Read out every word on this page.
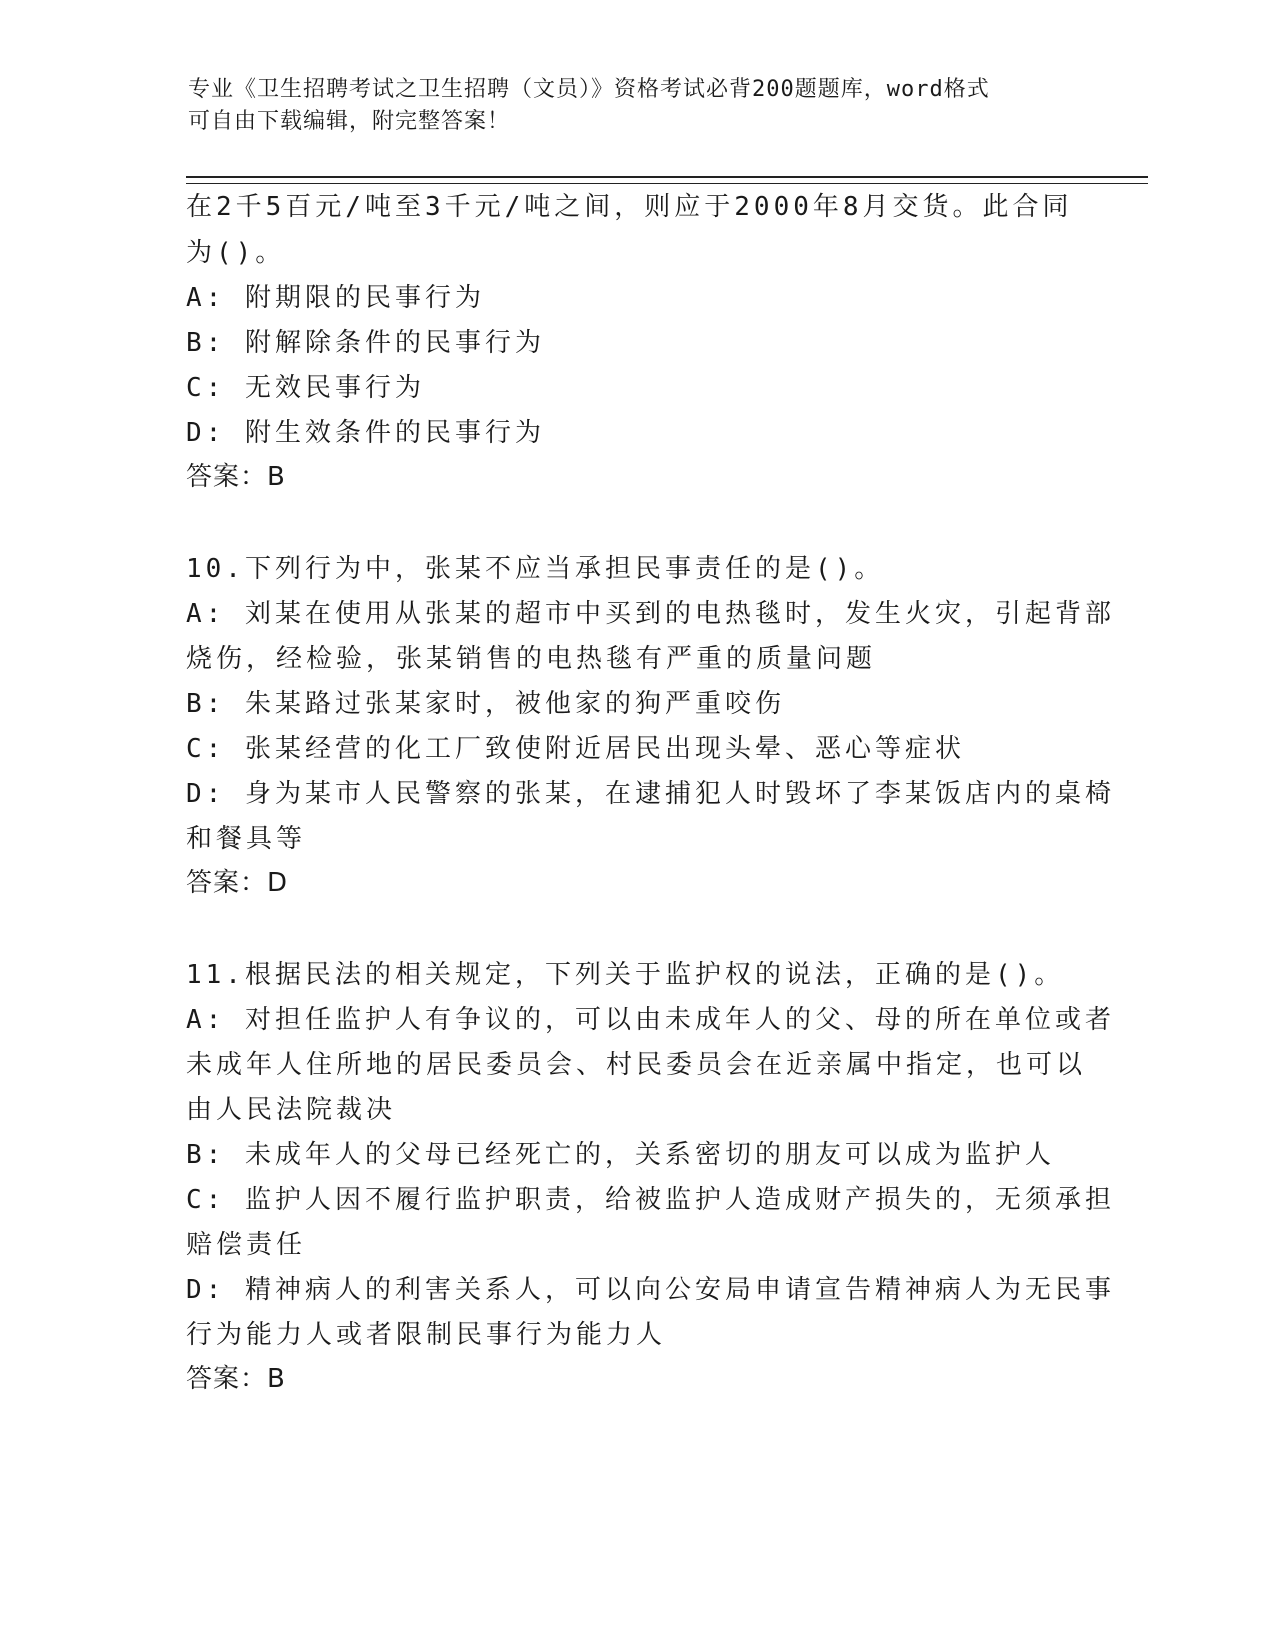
专业《卫生招聘考试之卫生招聘（文员）》资格考试必背200题题库，word格式
可自由下载编辑，附完整答案！
在2千5百元/吨至3千元/吨之间，则应于2000年8月交货。此合同
为()。
A: 附期限的民事行为
B: 附解除条件的民事行为
C: 无效民事行为
D: 附生效条件的民事行为
答案：B
10.下列行为中，张某不应当承担民事责任的是()。
A: 刘某在使用从张某的超市中买到的电热毯时，发生火灾，引起背部
烧伤，经检验，张某销售的电热毯有严重的质量问题
B: 朱某路过张某家时，被他家的狗严重咬伤
C: 张某经营的化工厂致使附近居民出现头晕、恶心等症状
D: 身为某市人民警察的张某，在逮捕犯人时毁坏了李某饭店内的桌椅
和餐具等
答案：D
11.根据民法的相关规定，下列关于监护权的说法，正确的是()。
A: 对担任监护人有争议的，可以由未成年人的父、母的所在单位或者
未成年人住所地的居民委员会、村民委员会在近亲属中指定，也可以
由人民法院裁决
B: 未成年人的父母已经死亡的，关系密切的朋友可以成为监护人
C: 监护人因不履行监护职责，给被监护人造成财产损失的，无须承担
赔偿责任
D: 精神病人的利害关系人，可以向公安局申请宣告精神病人为无民事
行为能力人或者限制民事行为能力人
答案：B
